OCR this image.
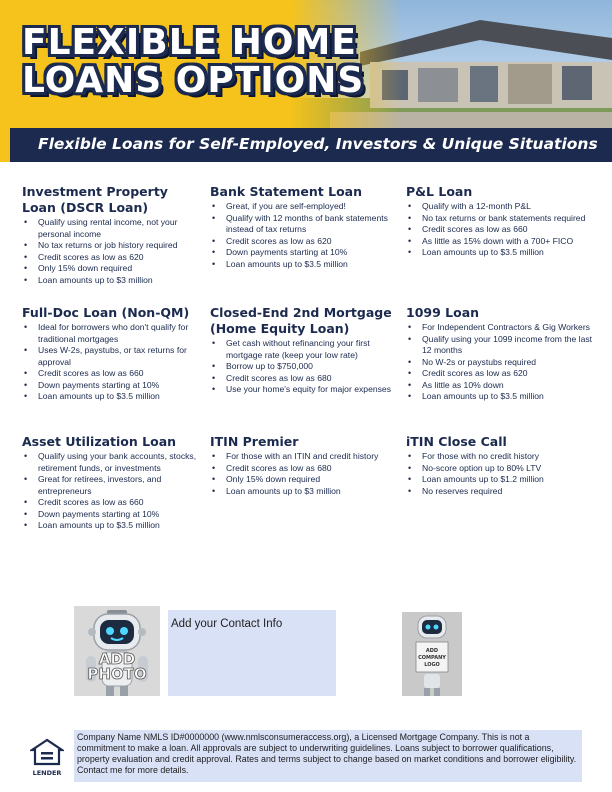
FLEXIBLE HOME
LOANS OPTIONS
Flexible Loans for Self-Employed, Investors & Unique Situations
Investment Property Loan (DSCR Loan)
• Qualify using rental income, not your personal income
• No tax returns or job history required
• Credit scores as low as 620
• Only 15% down required
• Loan amounts up to $3 million
Bank Statement Loan
• Great, if you are self-employed!
• Qualify with 12 months of bank statements instead of tax returns
• Credit scores as low as 620
• Down payments starting at 10%
• Loan amounts up to $3.5 million
P&L Loan
• Qualify with a 12-month P&L
• No tax returns or bank statements required
• Credit scores as low as 660
• As little as 15% down with a 700+ FICO
• Loan amounts up to $3.5 million
Full-Doc Loan (Non-QM)
• Ideal for borrowers who don't qualify for traditional mortgages
• Uses W-2s, paystubs, or tax returns for approval
• Credit scores as low as 660
• Down payments starting at 10%
• Loan amounts up to $3.5 million
Closed-End 2nd Mortgage (Home Equity Loan)
• Get cash without refinancing your first mortgage rate (keep your low rate)
• Borrow up to $750,000
• Credit scores as low as 680
• Use your home's equity for major expenses
1099 Loan
• For Independent Contractors & Gig Workers
• Qualify using your 1099 income from the last 12 months
• No W-2s or paystubs required
• Credit scores as low as 620
• As little as 10% down
• Loan amounts up to $3.5 million
Asset Utilization Loan
• Qualify using your bank accounts, stocks, retirement funds, or investments
• Great for retirees, investors, and entrepreneurs
• Credit scores as low as 660
• Down payments starting at 10%
• Loan amounts up to $3.5 million
ITIN Premier
• For those with an ITIN and credit history
• Credit scores as low as 680
• Only 15% down required
• Loan amounts up to $3 million
iTIN Close Call
• For those with no credit history
• No-score option up to 80% LTV
• Loan amounts up to $1.2 million
• No reserves required
ADD
PHOTO
Add your Contact Info
ADD
COMPANY
LOGO
LENDER

Company Name NMLS ID#0000000 (www.nmlsconsumeraccess.org), a Licensed Mortgage Company. This is not a commitment to make a loan. All approvals are subject to underwriting guidelines. Loans subject to borrower qualifications, property evaluation and credit approval. Rates and terms subject to change based on market conditions and borrower eligibility. Contact me for more details.
